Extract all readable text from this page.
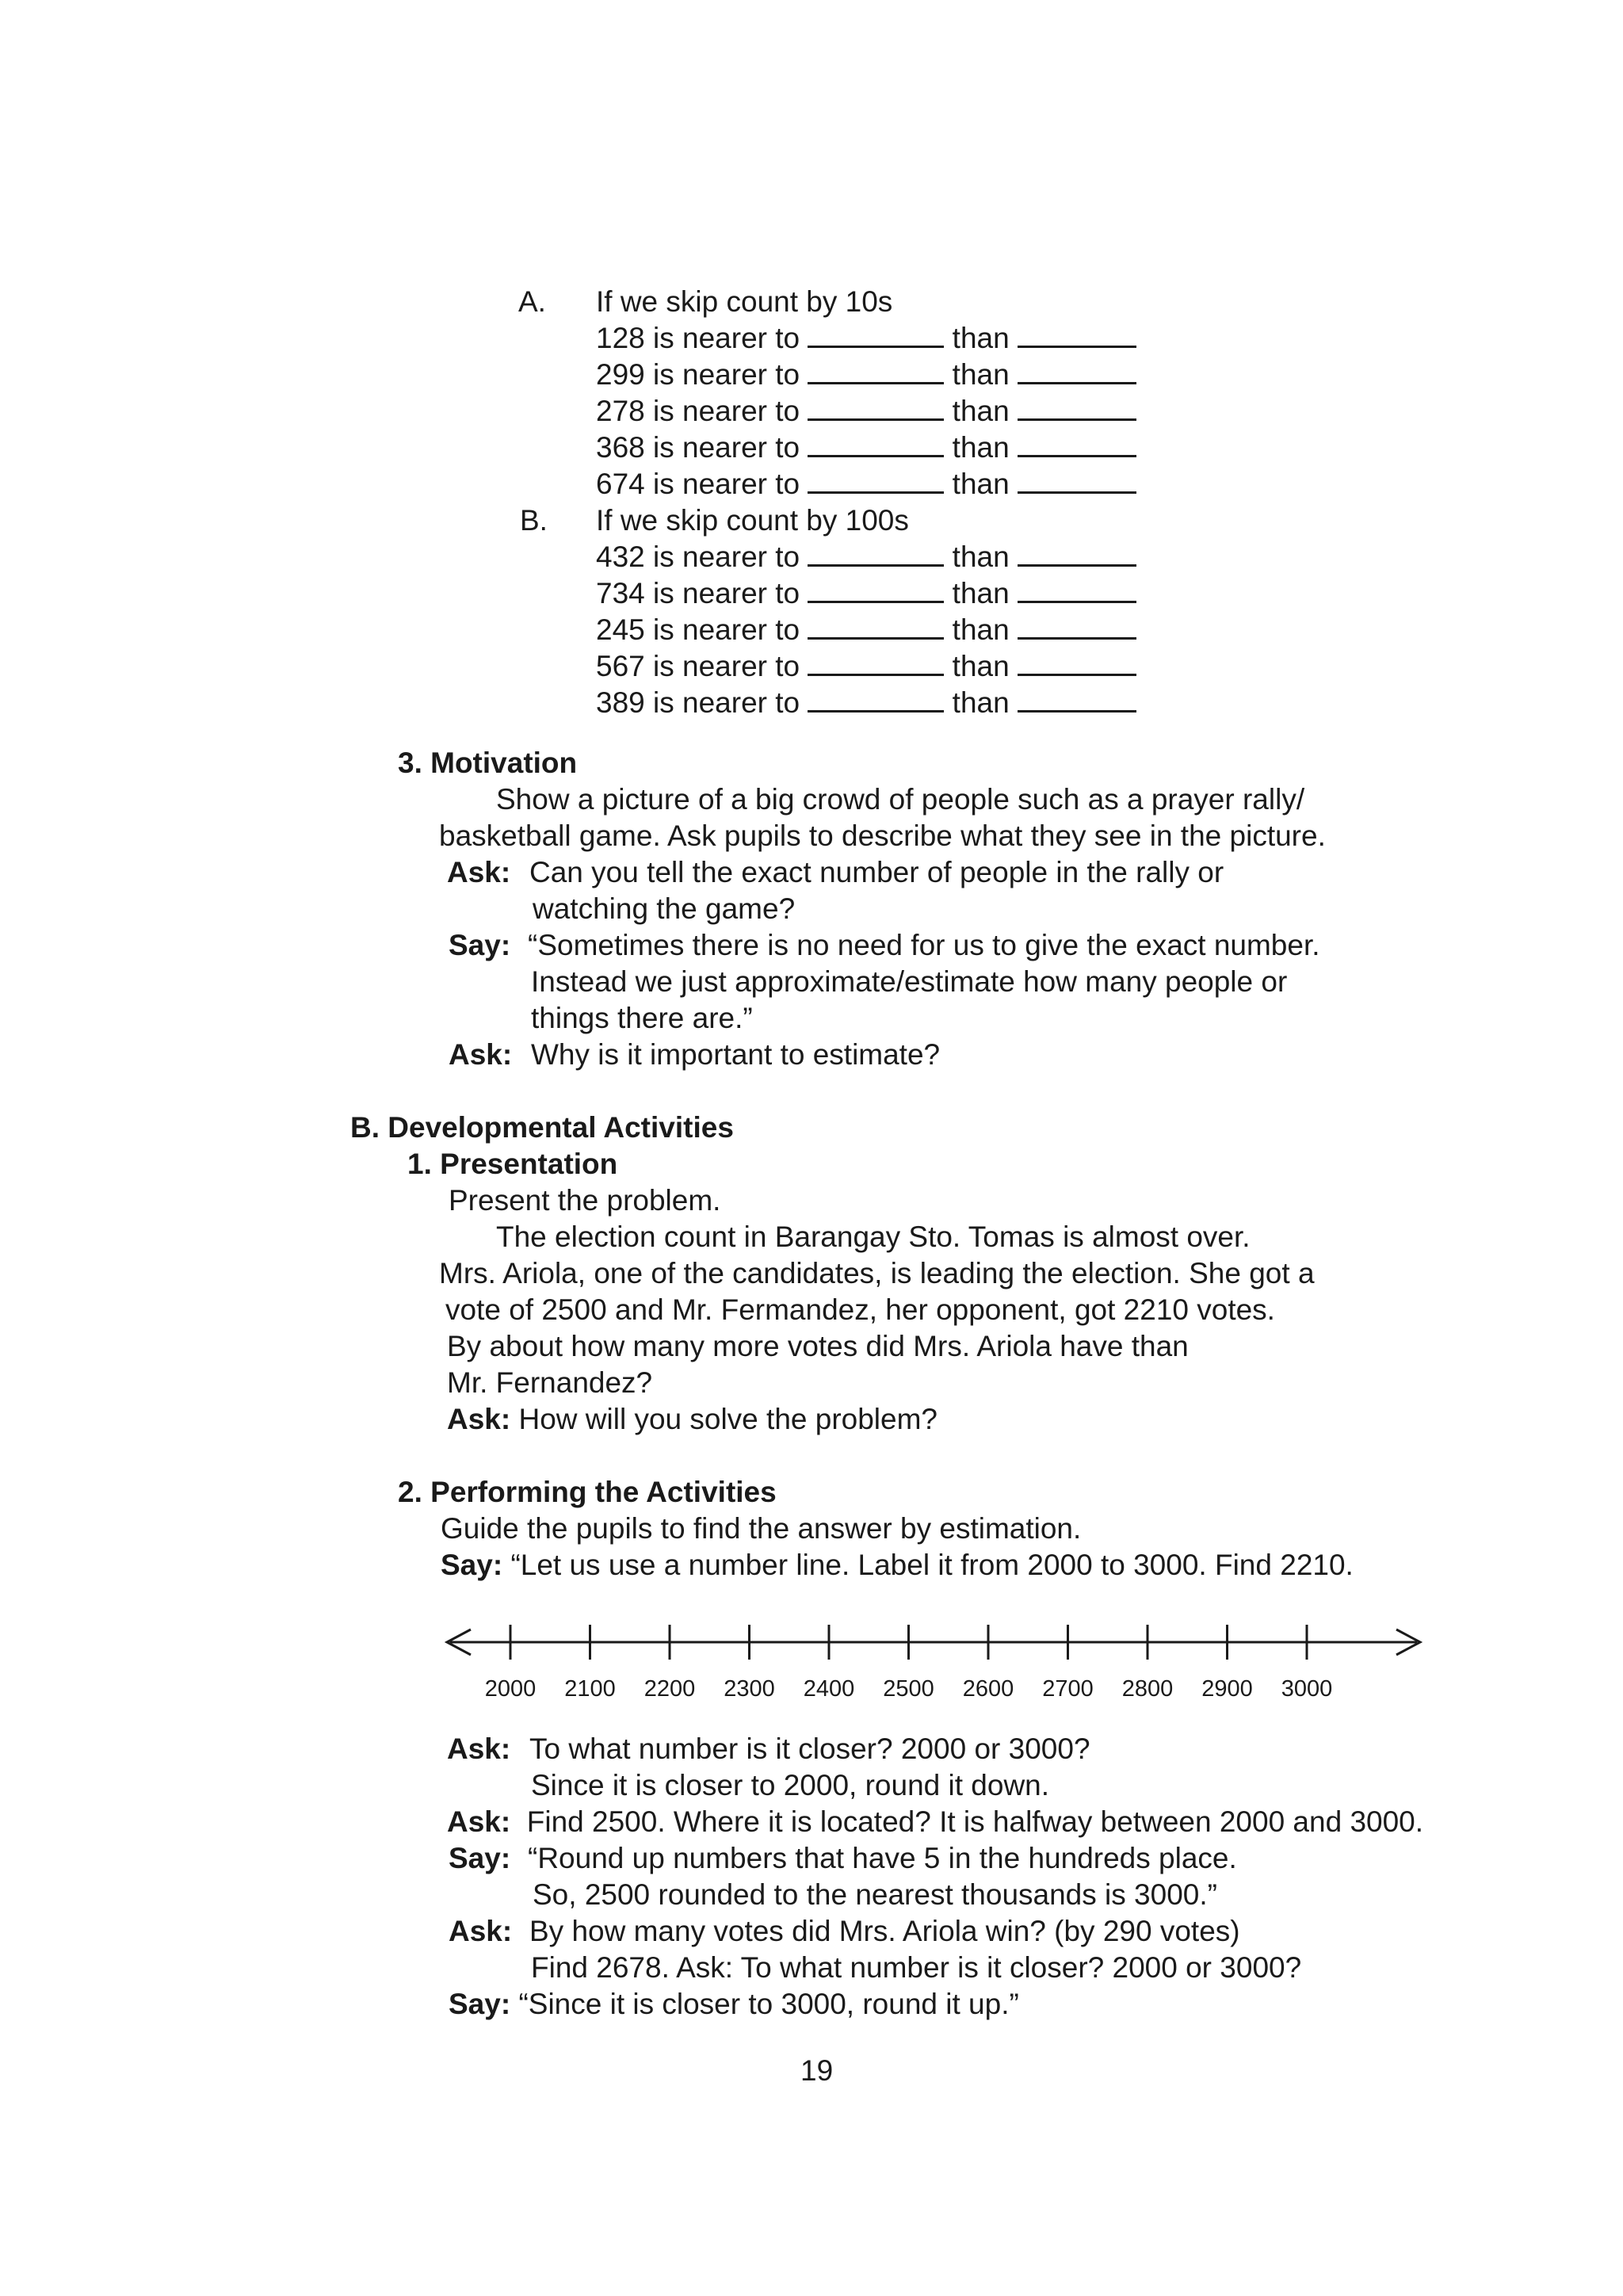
A. If we skip count by 10s

128 is nearer to	than
299 is nearer to	than
278 is nearer to	than
368 is nearer to	than
674 is nearer to	than

B. If we skip count by 100s

432 is nearer to	than
734 is nearer to	than
245 is nearer to	than
567 is nearer to	than
389 is nearer to	than

3. Motivation

Show a picture of a big crowd of people such as a prayer rally/

basketball game. Ask pupils to describe what they see in the picture.

Ask: Can you tell the exact number of people in the rally or

watching the game?

Say: “Sometimes there is no need for us to give the exact number.

Instead we just approximate/estimate how many people or

things there are.”

Ask: Why is it important to estimate?

B. Developmental Activities

1. Presentation

Present the problem.

The election count in Barangay Sto. Tomas is almost over.

Mrs. Ariola, one of the candidates, is leading the election. She got a

vote of 2500 and Mr. Fermandez, her opponent, got 2210 votes.

By about how many more votes did Mrs. Ariola have than

Mr. Fernandez?

Ask: How will you solve the problem?

2. Performing the Activities

Guide the pupils to find the answer by estimation.

Say: “Let us use a number line. Label it from 2000 to 3000. Find 2210.

2000 2100 2200 2300 2400 2500 2600 2700 2800 2900 3000

Ask: To what number is it closer? 2000 or 3000?

Since it is closer to 2000, round it down.

Ask: Find 2500. Where it is located? It is halfway between 2000 and 3000.

Say: “Round up numbers that have 5 in the hundreds place.

So, 2500 rounded to the nearest thousands is 3000.”

Ask: By how many votes did Mrs. Ariola win? (by 290 votes)

Find 2678. Ask: To what number is it closer? 2000 or 3000?

Say: “Since it is closer to 3000, round it up.”

19
